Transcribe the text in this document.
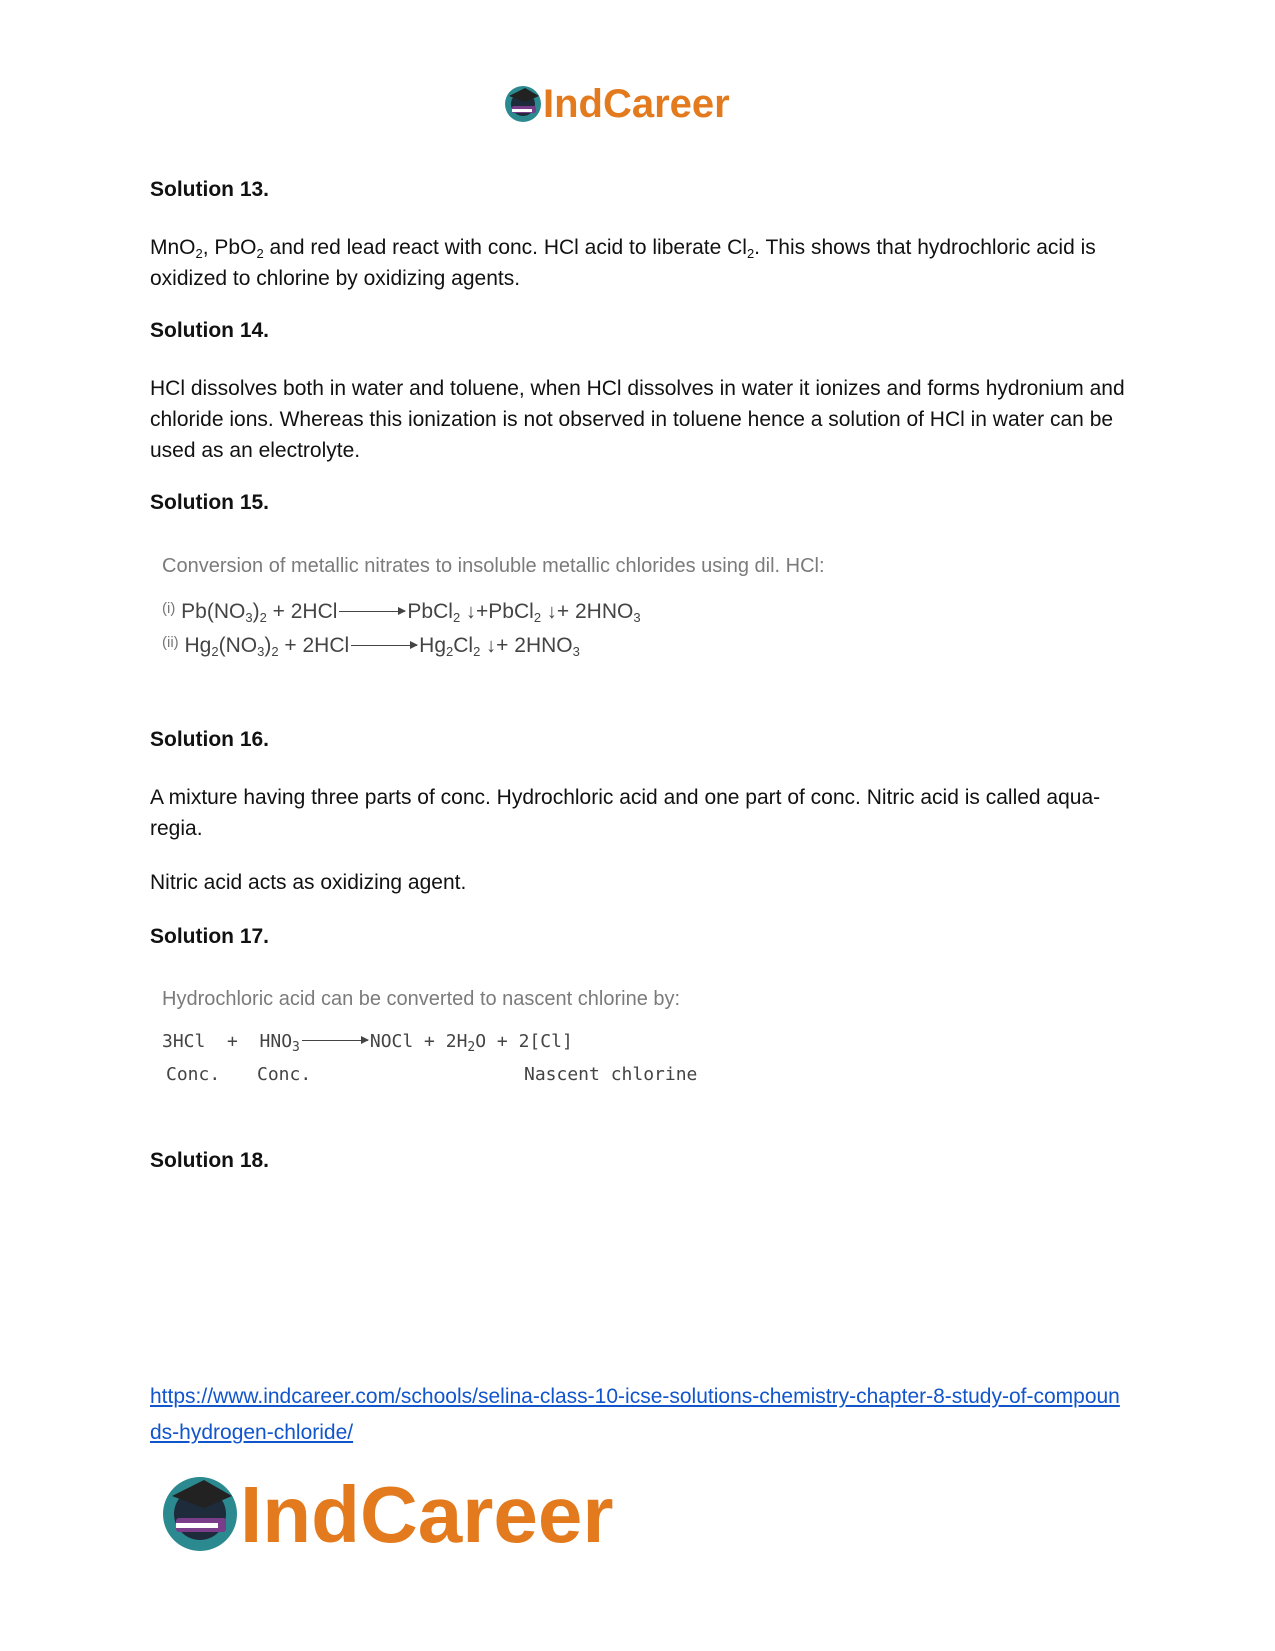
IndCareer
Solution 13.
MnO$_2$, PbO$_2$ and red lead react with conc. HCl acid to liberate $Cl_2$. This shows that hydrochloric acid is oxidized to chlorine by oxidizing agents.
Solution 14.
HCl dissolves both in water and toluene, when HCl dissolves in water it ionizes and forms hydronium and chloride ions. Whereas this ionization is not observed in toluene hence a solution of HCl in water can be used as an electrolyte.
Solution 15.
Conversion of metallic nitrates to insoluble metallic chlorides using dil. HCl:
$^{(i)}$ $Pb(NO_3)_2 + 2HCl$ → PbCl$_2$ ↓+PbCl$_2$ ↓+ $2HNO_3$
$^{(ii)}$ $Hg_2(NO_3)_2 + 2HCl \to Hg_2Cl_2$ ↓+ $2HNO_3$
Solution 16.
A mixture having three parts of conc. Hydrochloric acid and one part of conc. Nitric acid is called aqua-regia.
Nitric acid acts as oxidizing agent.
Solution 17.
Hydrochloric acid can be converted to nascent chlorine by:
$3HCl + HNO_3$ → NOCl + $2H_2O + 2[Cl]$
Conc. Conc.	Nascent chlorine
Solution 18.
https://www.indcareer.com/schools/selina-class-10-icse-solutions-chemistry-chapter-8-study-of-compounds-hydrogen-chloride/
IndCareer
